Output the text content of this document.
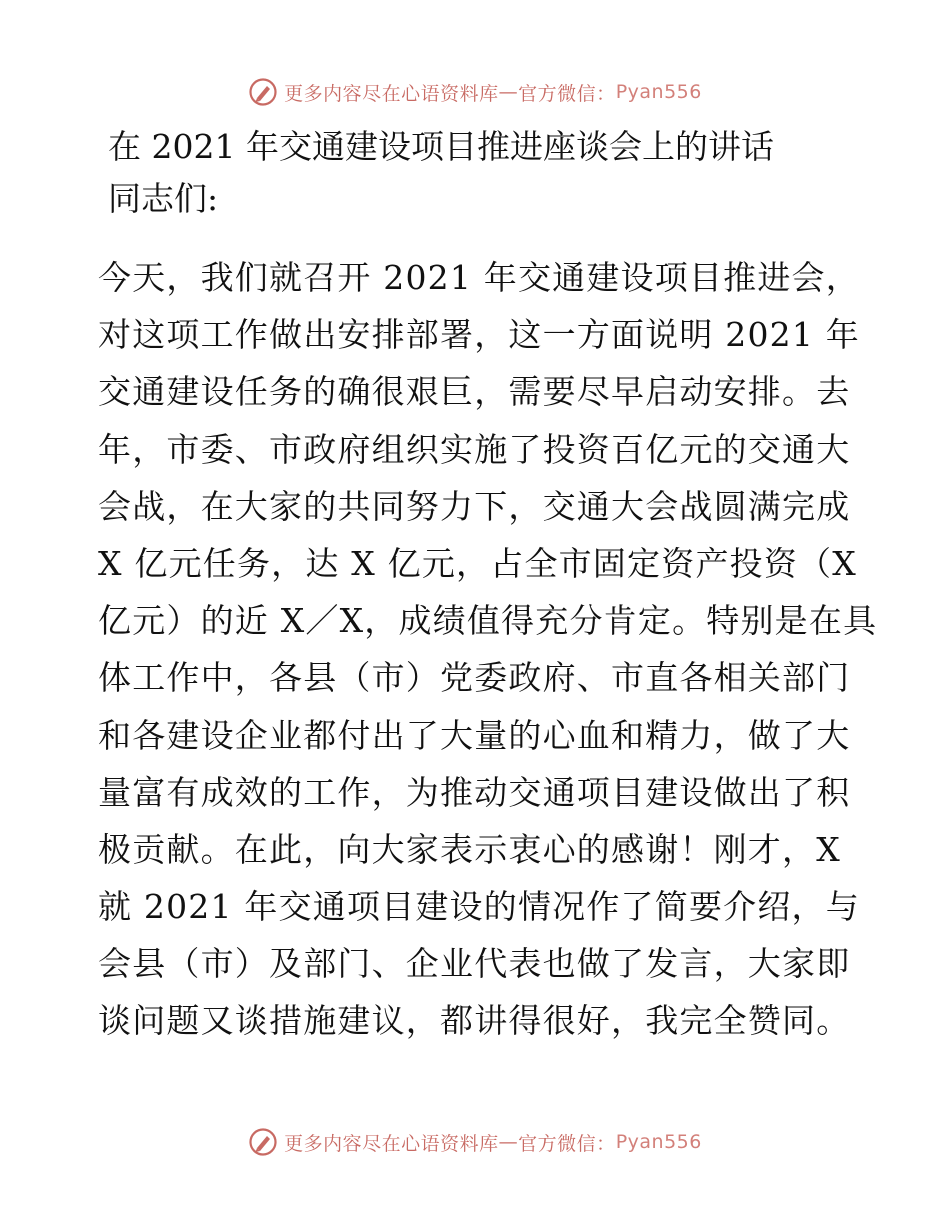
更多内容尽在心语资料库 — 官方微信： Pyan556
在 2021 年交通建设项目推进座谈会上的讲话
同志们:
今天，我们就召开 2021 年交通建设项目推进会，
对这项工作做出安排部署，这一方面说明 2021 年
交通建设任务的确很艰巨，需要尽早启动安排。去
年，市委、市政府组织实施了投资百亿元的交通大
会战，在大家的共同努力下，交通大会战圆满完成
X 亿元任务，达 X 亿元，占全市固定资产投资（X
亿元）的近 X／X，成绩值得充分肯定。特别是在具
体工作中，各县（市）党委政府、市直各相关部门
和各建设企业都付出了大量的心血和精力，做了大
量富有成效的工作，为推动交通项目建设做出了积
极贡献。在此，向大家表示衷心的感谢！刚才，X
就 2021 年交通项目建设的情况作了简要介绍，与
会县（市）及部门、企业代表也做了发言，大家即
谈问题又谈措施建议，都讲得很好，我完全赞同。
更多内容尽在心语资料库 — 官方微信： Pyan556
